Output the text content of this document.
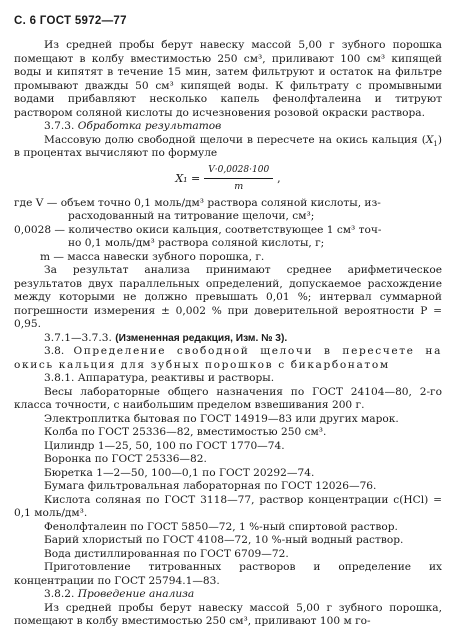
С. 6 ГОСТ 5972—77

Из средней пробы берут навеску массой 5,00 г зубного порошка помещают в колбу вместимостью 250 см³, приливают 100 см³ кипящей воды и кипятят в течение 15 мин, затем фильтруют и остаток на фильтре промывают дважды 50 см³ кипящей воды. К фильтрату с промывными водами прибавляют несколько капель фенолфталеина и титруют раствором соляной кислоты до исчезновения розовой окраски раствора.

3.7.3. Обработка результатов

Массовую долю свободной щелочи в пересчете на окись кальция $(X_1)$ в процентах вычисляют по формуле

$X_1 = \frac{V\cdot 0,0028\cdot 100}{m}$ ,

где V — объем точно 0,1 моль/дм³ раствора соляной кислоты, из-

расходованный на титрование щелочи, см³;

0,0028 — количество окиси кальция, соответствующее 1 см³ точ-

но 0,1 моль/дм³ раствора соляной кислоты, г;

m — масса навески зубного порошка, г.

За результат анализа принимают среднее арифметическое результатов двух параллельных определений, допускаемое расхождение между которыми не должно превышать 0,01 %; интервал суммарной погрешности измерения ± 0,002 % при доверительной вероятности P = 0,95.

3.7.1—3.7.3. (Измененная редакция, Изм. № 3).

3.8. Определение свободной щелочи в пересчете на окись кальция для зубных порошков с бикарбонатом

3.8.1. Аппаратура, реактивы и растворы.

Весы лабораторные общего назначения по ГОСТ 24104—80, 2-го класса точности, с наибольшим пределом взвешивания 200 г.

Электроплитка бытовая по ГОСТ 14919—83 или других марок.

Колба по ГОСТ 25336—82, вместимостью 250 см³.

Цилиндр 1—25, 50, 100 по ГОСТ 1770—74.

Воронка по ГОСТ 25336—82.

Бюретка 1—2—50, 100—0,1 по ГОСТ 20292—74.

Бумага фильтровальная лабораторная по ГОСТ 12026—76.

Кислота соляная по ГОСТ 3118—77, раствор концентрации c(HCl) = 0,1 моль/дм³.

Фенолфталеин по ГОСТ 5850—72, 1 %-ный спиртовой раствор.

Барий хлористый по ГОСТ 4108—72, 10 %-ный водный раствор.

Вода дистиллированная по ГОСТ 6709—72.

Приготовление титрованных растворов и определение их концентрации по ГОСТ 25794.1—83.

3.8.2. Проведение анализа

Из средней пробы берут навеску массой 5,00 г зубного порошка, помещают в колбу вместимостью 250 см³, приливают 100 м го-
